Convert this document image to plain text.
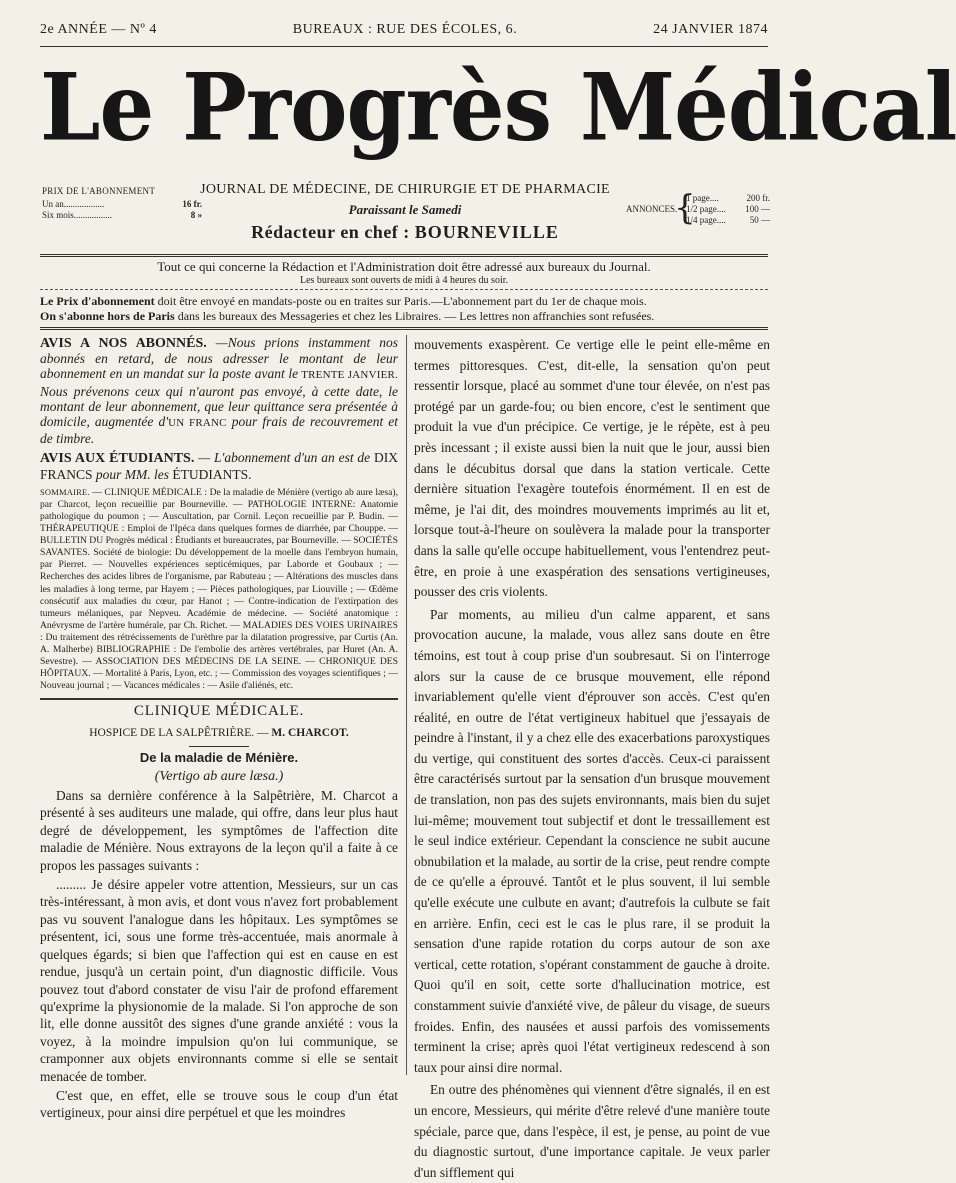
2e ANNÉE — Nº 4	BUREAUX : RUE DES ÉCOLES, 6.	24 JANVIER 1874
Le Progrès Médical
PRIX DE L'ABONNEMENT
Un an..................	16 fr.
Six mois.................	8 »
JOURNAL DE MÉDECINE, DE CHIRURGIE ET DE PHARMACIE
Paraissant le Samedi
Rédacteur en chef : BOURNEVILLE
ANNONCES.
{
1 page....	200 fr.
1/2 page.... 100 —
1/4 page....	50 —
Tout ce qui concerne la Rédaction et l'Administration doit être adressé aux bureaux du Journal.
Les bureaux sont ouverts de midi à 4 heures du soir.
Le Prix d'abonnement doit être envoyé en mandats-poste ou en traites sur Paris.—L'abonnement part du 1er de chaque mois.
On s'abonne hors de Paris dans les bureaux des Messageries et chez les Libraires. — Les lettres non affranchies sont refusées.
AVIS A NOS ABONNÉS. —Nous prions instamment nos abonnés en retard, de nous adresser le montant de leur abonnement en un mandat sur la poste avant le TRENTE JANVIER. Nous prévenons ceux qui n'auront pas envoyé, à cette date, le montant de leur abonnement, que leur quittance sera présentée à domicile, augmentée d'UN FRANC pour frais de recouvrement et de timbre.
AVIS AUX ÉTUDIANTS. — L'abonnement d'un an est de DIX FRANCS pour MM. les ÉTUDIANTS.
SOMMAIRE. — CLINIQUE MÉDICALE : De la maladie de Ménière (vertigo ab aure læsa), par Charcot, leçon recueillie par Bourneville. — PATHOLOGIE INTERNE: Anatomie pathologique du poumon ; — Auscultation, par Cornil. Leçon recueillie par P. Budin. — THÉRAPEUTIQUE : Emploi de l'Ipéca dans quelques formes de diarrhée, par Chouppe. — BULLETIN DU Progrès médical : Étudiants et bureaucrates, par Bourneville. — SOCIÉTÉS SAVANTES. Société de biologie: Du développement de la moelle dans l'embryon humain, par Pierret. — Nouvelles expériences septicémiques, par Laborde et Goubaux ; — Recherches des acides libres de l'organisme, par Rabuteau ; — Altérations des muscles dans les maladies à long terme, par Hayem ; — Pièces pathologiques, par Liouville ; — Œdème consécutif aux maladies du cœur, par Hanot ; — Contre-indication de l'extirpation des tumeurs mélaniques, par Nepveu. Académie de médecine. — Société anatomique : Anévrysme de l'artère humérale, par Ch. Richet. — MALADIES DES VOIES URINAIRES : Du traitement des rétrécissements de l'urèthre par la dilatation progressive, par Curtis (An. A. Malherbe) BIBLIOGRAPHIE : De l'embolie des artères vertébrales, par Huret (An. A. Sevestre). — ASSOCIATION DES MÉDECINS DE LA SEINE. — CHRONIQUE DES HÔPITAUX. — Mortalité à Paris, Lyon, etc. ; — Commission des voyages scientifiques ; — Nouveau journal ; — Vacances médicales : — Asile d'aliénés, etc.
CLINIQUE MÉDICALE.
HOSPICE DE LA SALPÊTRIÈRE. — M. CHARCOT.
De la maladie de Ménière.
(Vertigo ab aure læsa.)

Dans sa dernière conférence à la Salpêtrière, M. Charcot a présenté à ses auditeurs une malade, qui offre, dans leur plus haut degré de développement, les symptômes de l'affection dite maladie de Ménière. Nous extrayons de la leçon qu'il a faite à ce propos les passages suivants :

......... Je désire appeler votre attention, Messieurs, sur un cas très-intéressant, à mon avis, et dont vous n'avez fort probablement pas vu souvent l'analogue dans les hôpitaux. Les symptômes se présentent, ici, sous une forme très-accentuée, mais anormale à quelques égards; si bien que l'affection qui est en cause en est rendue, jusqu'à un certain point, d'un diagnostic difficile. Vous pouvez tout d'abord constater de visu l'air de profond effarement qu'exprime la physionomie de la malade. Si l'on approche de son lit, elle donne aussitôt des signes d'une grande anxiété : vous la voyez, à la moindre impulsion qu'on lui communique, se cramponner aux objets environnants comme si elle se sentait menacée de tomber.

C'est que, en effet, elle se trouve sous le coup d'un état vertigineux, pour ainsi dire perpétuel et que les moindres

mouvements exaspèrent. Ce vertige elle le peint elle-même en termes pittoresques. C'est, dit-elle, la sensation qu'on peut ressentir lorsque, placé au sommet d'une tour élevée, on n'est pas protégé par un garde-fou; ou bien encore, c'est le sentiment que produit la vue d'un précipice. Ce vertige, je le répète, est à peu près incessant ; il existe aussi bien la nuit que le jour, aussi bien dans le décubitus dorsal que dans la station verticale. Cette dernière situation l'exagère toutefois énormément. Il en est de même, je l'ai dit, des moindres mouvements imprimés au lit et, lorsque tout-à-l'heure on soulèvera la malade pour la transporter dans la salle qu'elle occupe habituellement, vous l'entendrez peut-être, en proie à une exaspération des sensations vertigineuses, pousser des cris violents.

Par moments, au milieu d'un calme apparent, et sans provocation aucune, la malade, vous allez sans doute en être témoins, est tout à coup prise d'un soubresaut. Si on l'interroge alors sur la cause de ce brusque mouvement, elle répond invariablement qu'elle vient d'éprouver son accès. C'est qu'en réalité, en outre de l'état vertigineux habituel que j'essayais de peindre à l'instant, il y a chez elle des exacerbations paroxystiques du vertige, qui constituent des sortes d'accès. Ceux-ci paraissent être caractérisés surtout par la sensation d'un brusque mouvement de translation, non pas des sujets environnants, mais bien du sujet lui-même; mouvement tout subjectif et dont le tressaillement est le seul indice extérieur. Cependant la conscience ne subit aucune obnubilation et la malade, au sortir de la crise, peut rendre compte de ce qu'elle a éprouvé. Tantôt et le plus souvent, il lui semble qu'elle exécute une culbute en avant; d'autrefois la culbute se fait en arrière. Enfin, ceci est le cas le plus rare, il se produit la sensation d'une rapide rotation du corps autour de son axe vertical, cette rotation, s'opérant constamment de gauche à droite. Quoi qu'il en soit, cette sorte d'hallucination motrice, est constamment suivie d'anxiété vive, de pâleur du visage, de sueurs froides. Enfin, des nausées et aussi parfois des vomissements terminent la crise; après quoi l'état vertigineux redescend à son taux pour ainsi dire normal.

En outre des phénomènes qui viennent d'être signalés, il en est un encore, Messieurs, qui mérite d'être relevé d'une manière toute spéciale, parce que, dans l'espèce, il est, je pense, au point de vue du diagnostic surtout, d'une importance capitale. Je veux parler d'un sifflement qui
